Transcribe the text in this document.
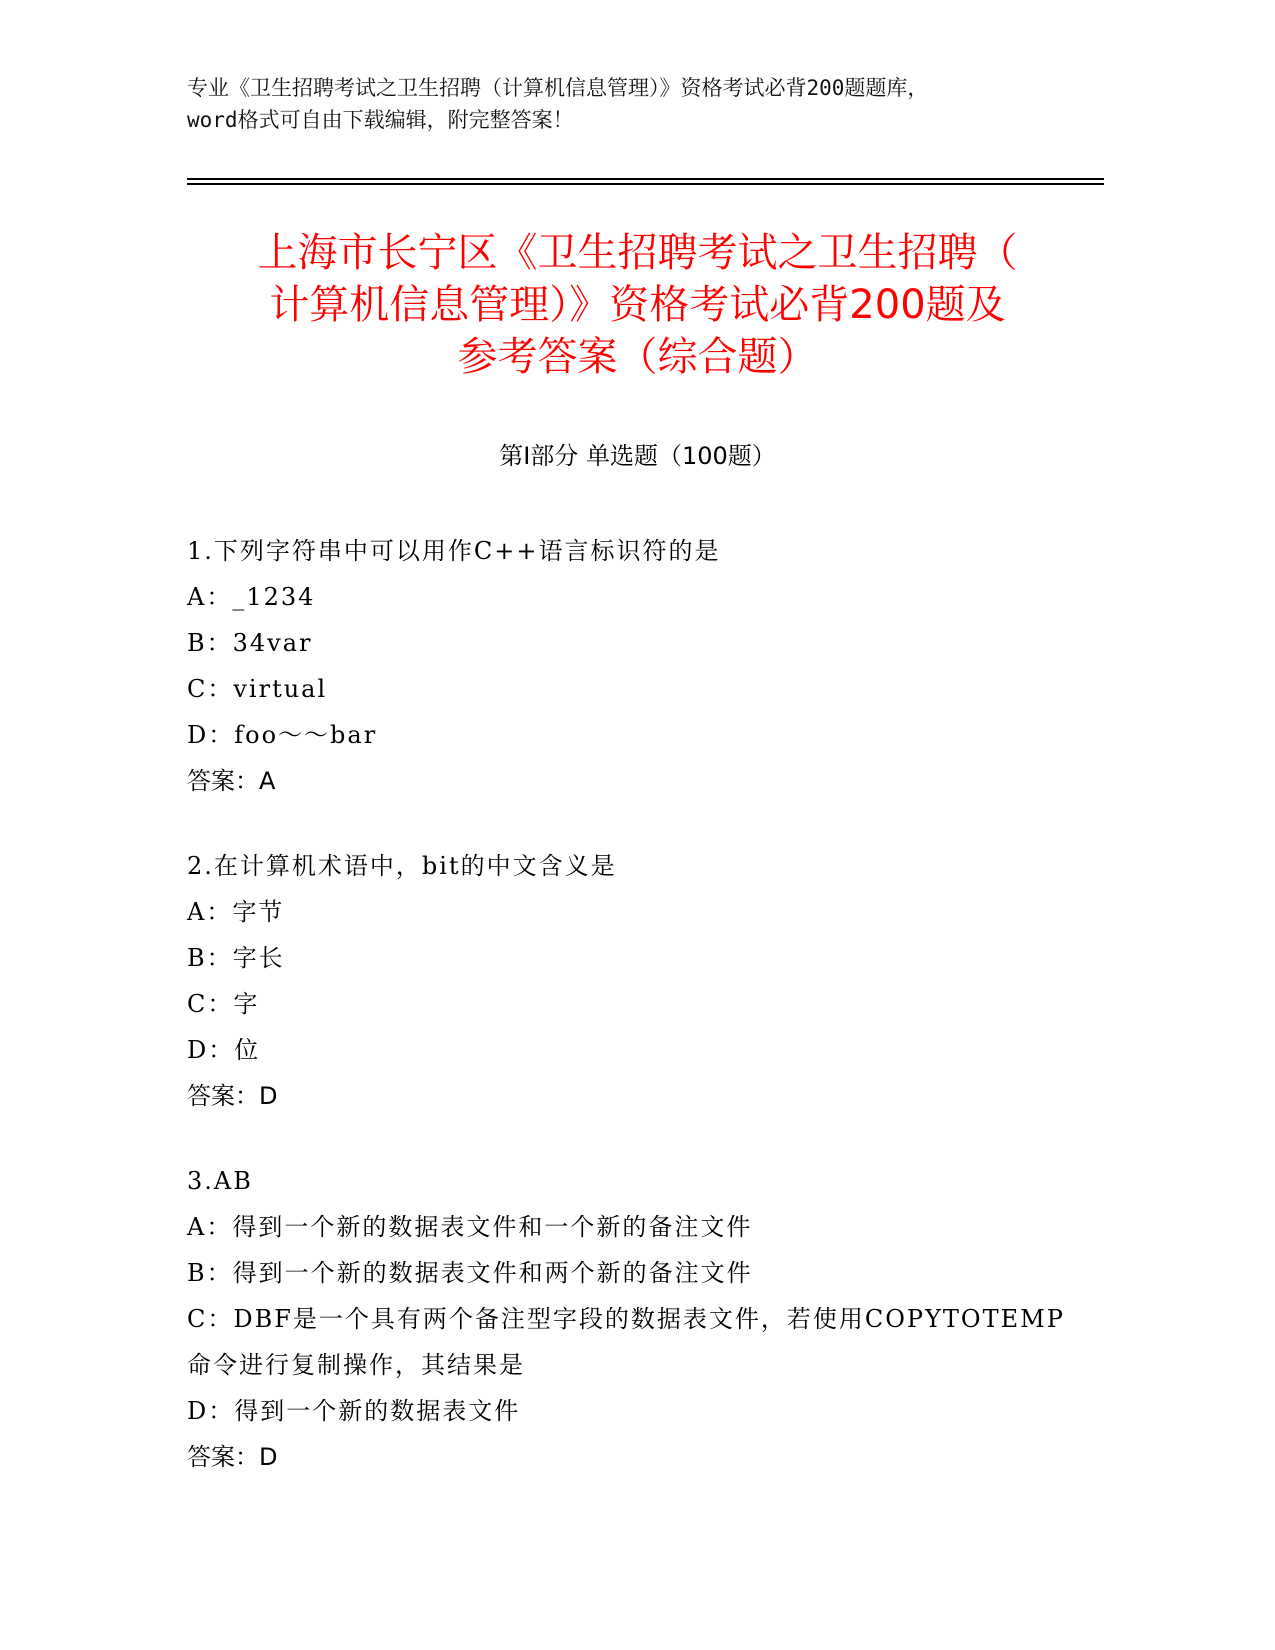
专业《卫生招聘考试之卫生招聘（计算机信息管理）》资格考试必背200题题库，
word格式可自由下载编辑，附完整答案！
上海市长宁区《卫生招聘考试之卫生招聘（
计算机信息管理）》资格考试必背200题及
参考答案（综合题）
第Ⅰ部分 单选题（100题）
1.下列字符串中可以用作C++语言标识符的是
A：_1234
B：34var
C：virtual
D：foo～～bar
答案：A
2.在计算机术语中，bit的中文含义是
A：字节
B：字长
C：字
D：位
答案：D
3.AB
A：得到一个新的数据表文件和一个新的备注文件
B：得到一个新的数据表文件和两个新的备注文件
C：DBF是一个具有两个备注型字段的数据表文件，若使用COPYTOTEMP命令进行复制操作，其结果是
D：得到一个新的数据表文件
答案：D
